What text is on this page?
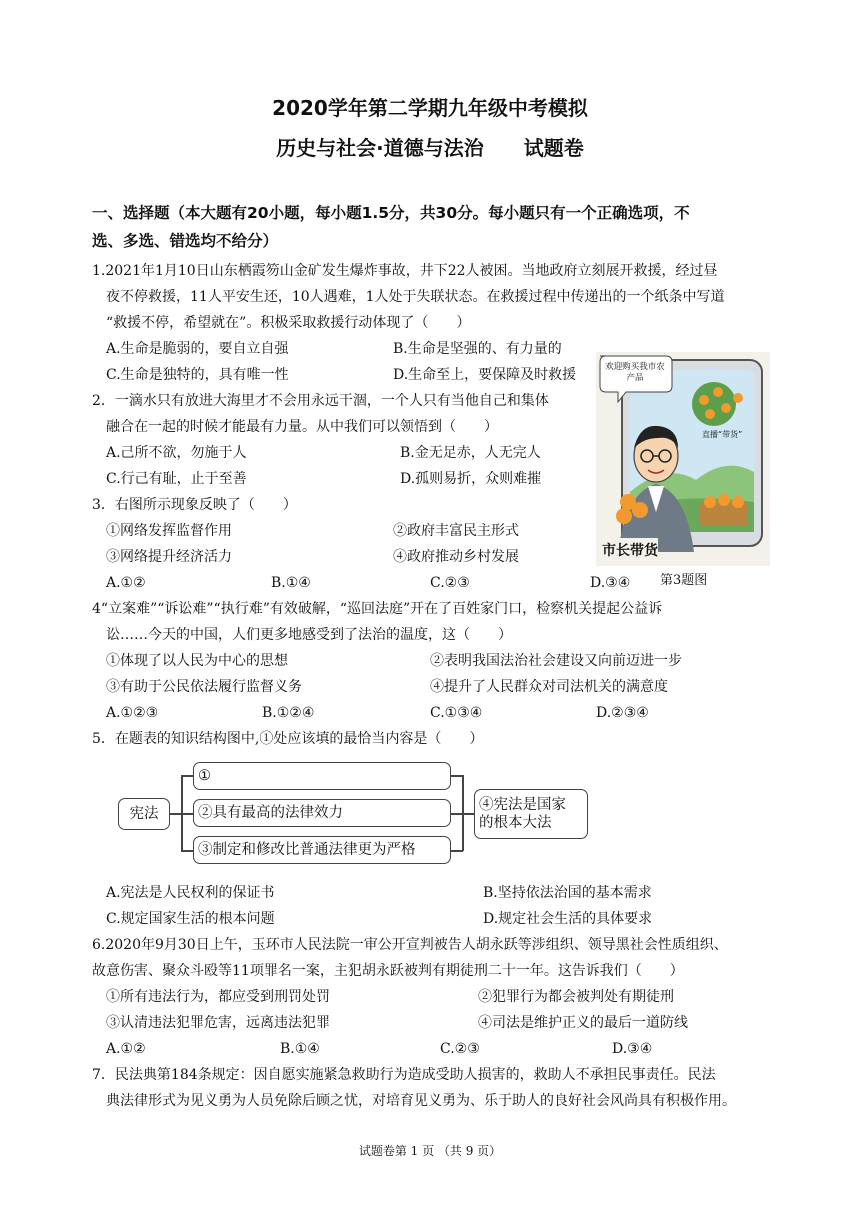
2020学年第二学期九年级中考模拟
历史与社会·道德与法治　　试题卷
一、选择题（本大题有20小题，每小题1.5分，共30分。每小题只有一个正确选项，不
选、多选、错选均不给分）
1.2021年1月10日山东栖霞笏山金矿发生爆炸事故，井下22人被困。当地政府立刻展开救援，经过昼
夜不停救援，11人平安生还，10人遇难，1人处于失联状态。在救援过程中传递出的一个纸条中写道
“救援不停，希望就在”。积极采取救援行动体现了（　　）
A.生命是脆弱的，要自立自强	B.生命是坚强的、有力量的
C.生命是独特的，具有唯一性	D.生命至上，要保障及时救援
2．一滴水只有放进大海里才不会用永远干涸，一个人只有当他自己和集体
融合在一起的时候才能最有力量。从中我们可以领悟到（　　）
A.己所不欲，勿施于人	B.金无足赤，人无完人
C.行己有耻，止于至善	D.孤则易折，众则难摧
3．右图所示现象反映了（　　）
①网络发挥监督作用	②政府丰富民主形式
③网络提升经济活力	④政府推动乡村发展
A.①②	B.①④	C.②③	D.③④
欢迎购买我市农产品
直播“带货”
市长带货
第3题图
4“立案难”“诉讼难”“执行难”有效破解，“巡回法庭”开在了百姓家门口，检察机关提起公益诉
讼……今天的中国，人们更多地感受到了法治的温度，这（　　）
①体现了以人民为中心的思想	②表明我国法治社会建设又向前迈进一步
③有助于公民依法履行监督义务	④提升了人民群众对司法机关的满意度
A.①②③	B.①②④	C.①③④	D.②③④
5．在题表的知识结构图中,①处应该填的最恰当内容是（　　）
宪法
①
②具有最高的法律效力
③制定和修改比普通法律更为严格
④宪法是国家
的根本大法
A.宪法是人民权利的保证书	B.坚持依法治国的基本需求
C.规定国家生活的根本问题	D.规定社会生活的具体要求
6.2020年9月30日上午，玉环市人民法院一审公开宣判被告人胡永跃等涉组织、领导黑社会性质组织、
故意伤害、聚众斗殴等11项罪名一案，主犯胡永跃被判有期徒刑二十一年。这告诉我们（　　）
①所有违法行为，都应受到刑罚处罚	②犯罪行为都会被判处有期徒刑
③认清违法犯罪危害，远离违法犯罪	④司法是维护正义的最后一道防线
A.①②	B.①④	C.②③	D.③④
7．民法典第184条规定：因自愿实施紧急救助行为造成受助人损害的，救助人不承担民事责任。民法
典法律形式为见义勇为人员免除后顾之忧，对培育见义勇为、乐于助人的良好社会风尚具有积极作用。
试题卷第 1 页 （共 9 页）
